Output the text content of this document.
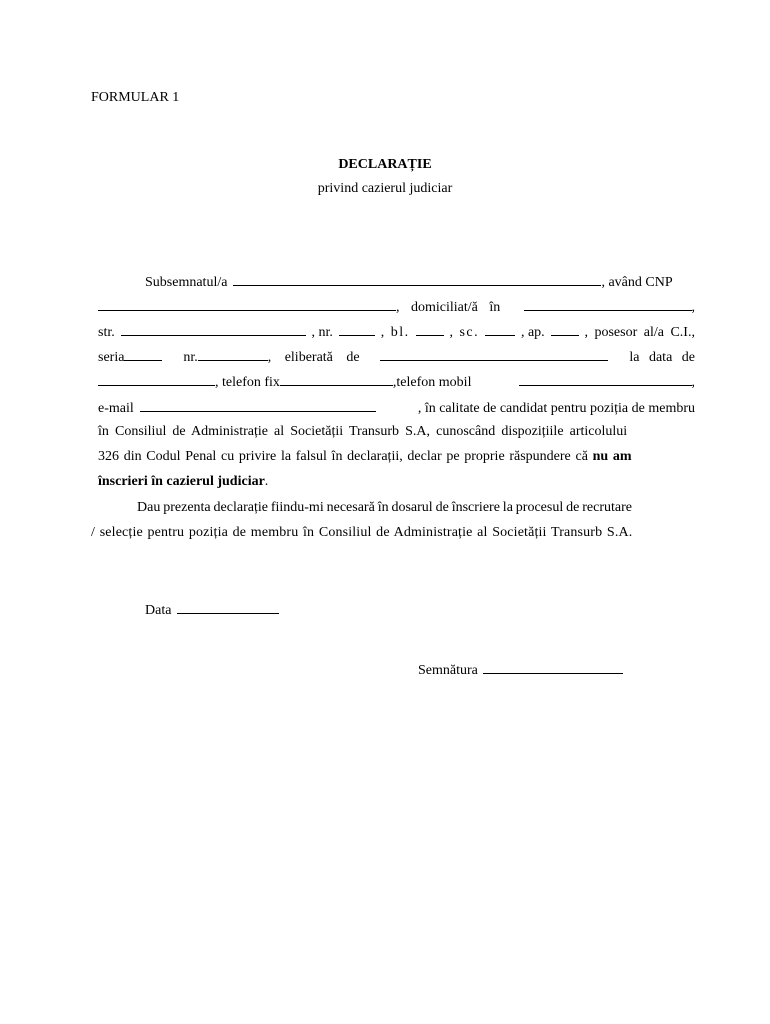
FORMULAR 1
DECLARAȚIE
privind cazierul judiciar
Subsemnatul/a	, având CNP
, domiciliat/ă în	,
str.	, nr.	, bl.	, sc.	, ap.	, posesor al/a C.I.,
seria	nr.	, eliberată de	la data de
, telefon fix	,telefon mobil	,
e-mail	, în calitate de candidat pentru poziția de membru
în Consiliul de Administrație al Societății Transurb S.A, cunoscând dispozițiile articolului
326 din Codul Penal cu privire la falsul în declarații, declar pe proprie răspundere că nu am
înscrieri în cazierul judiciar.
Dau prezenta declarație fiindu-mi necesară în dosarul de înscriere la procesul de recrutare
/ selecție pentru poziția de membru în Consiliul de Administrație al Societății Transurb S.A.
Data
Semnătura
